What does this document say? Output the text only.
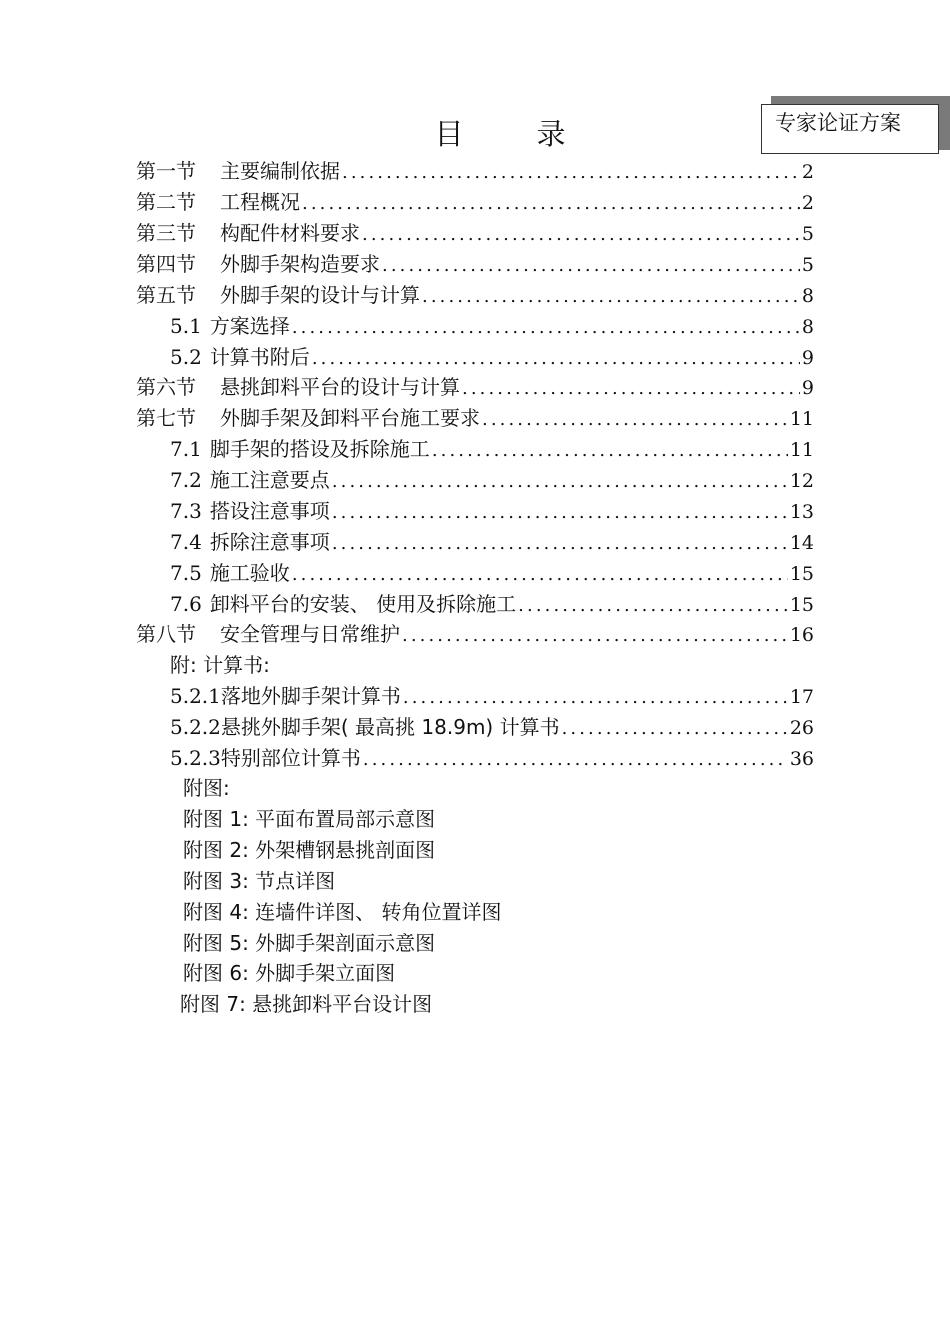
专家论证方案
目	录
第一节 主要编制依据 .....	2
第二节 工程概况 .....	2
第三节 构配件材料要求 .....	5
第四节 外脚手架构造要求 .....	5
第五节 外脚手架的设计与计算 .....	8
5.1 方案选择 .....	8
5.2 计算书附后 .....	9
第六节 悬挑卸料平台的设计与计算 .....	9
第七节 外脚手架及卸料平台施工要求 .....	11
7.1 脚手架的搭设及拆除施工 .....	11
7.2 施工注意要点 .....	12
7.3 搭设注意事项 .....	13
7.4 拆除注意事项 .....	14
7.5 施工验收 .....	15
7.6 卸料平台的安装、 使用及拆除施工 .....	15
第八节 安全管理与日常维护 .....	16
附: 计算书:
5.2.1落地外脚手架计算书 .....	17
5.2.2悬挑外脚手架( 最高挑 18.9m) 计算书 .....	26
5.2.3特别部位计算书 .....	36
附图:
附图 1: 平面布置局部示意图
附图 2: 外架槽钢悬挑剖面图
附图 3: 节点详图
附图 4: 连墙件详图、 转角位置详图
附图 5: 外脚手架剖面示意图
附图 6: 外脚手架立面图
附图 7: 悬挑卸料平台设计图
